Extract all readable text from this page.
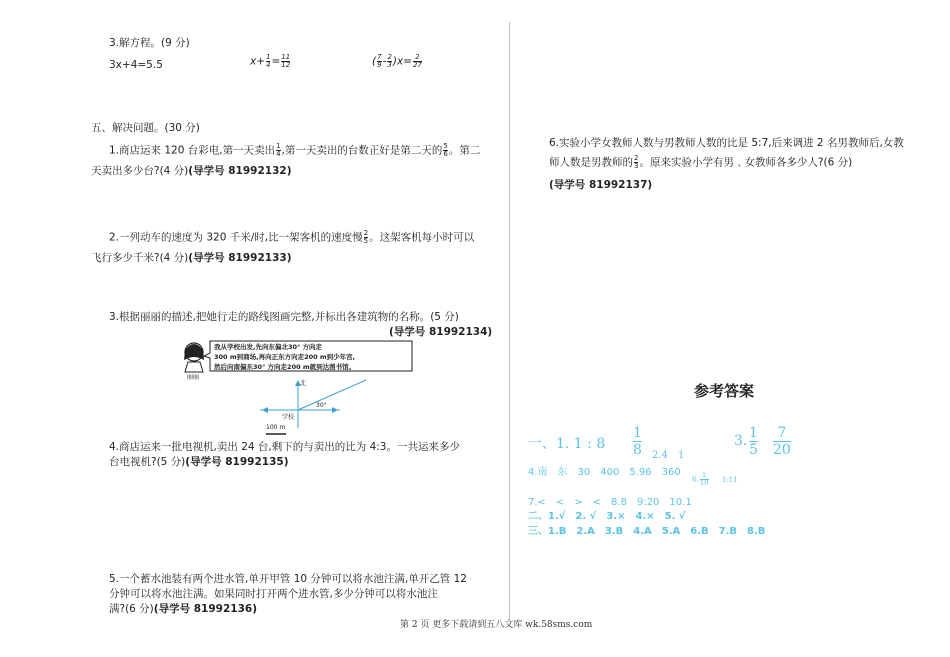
3.解方程。(9 分)
3x+4=5.5	$x+ \frac{1}{4} = \frac{11}{12}$	( $\frac{7}{9} - \frac{2}{3} )x= \frac{2}{27}$
五、解决问题。(30 分)
1.商店运来 120 台彩电,第一天卖出 $\frac{1}{4}$ ,第一天卖出的台数正好是第二天的 $\frac{5}{6}$ 。第二
天卖出多少台?(4 分)(导学号 81992132)
2.一列动车的速度为 320 千米∕时,比一架客机的速度慢 $\frac{2}{5}$ 。这架客机每小时可以
飞行多少千米?(4 分)(导学号 81992133)
3.根据丽丽的描述,把她行走的路线图画完整,并标出各建筑物的名称。(5 分)
(导学号 81992134)
我从学校出发,先向东偏北30° 方向走
300 m到商场,再向正东方向走200 m到少年宫,
然后向南偏东30° 方向走200 m就到达图书馆。
丽丽
北
学校
30°
100 m
4.商店运来一批电视机,卖出 24 台,剩下的与卖出的比为 4:3。一共运来多少
台电视机?(5 分)(导学号 81992135)
5.一个蓄水池装有两个进水管,单开甲管 10 分钟可以将水池注满,单开乙管 12
分钟可以将水池注满。如果同时打开两个进水管,多少分钟可以将水池注
满?(6 分)(导学号 81992136)
6.实验小学女教师人数与男教师人数的比是 5:7,后来调进 2 名男教师后,女教
师人数是男教师的 $\frac{2}{3}$ 。原来实验小学有男﹑女教师各多少人?(6 分)
(导学号 81992137)
参考答案
一、1. 1 : $8 \frac{1}{8} 2.4$ 1
3. $\frac{1}{5} \frac{7}{20}$
4.南　东　30　400　5.96　360
6. $\frac{1}{10}$ 1:11
7.<　<　>　<　8.8　9:20　10.1
二、1.√　2. √　3.×　4.×　5. √
三、1.B　2.A　3.B　4.A　5.A　6.B　7.B　8.B
第 2 页 更多下载请到五八文库 wk.58sms.com
